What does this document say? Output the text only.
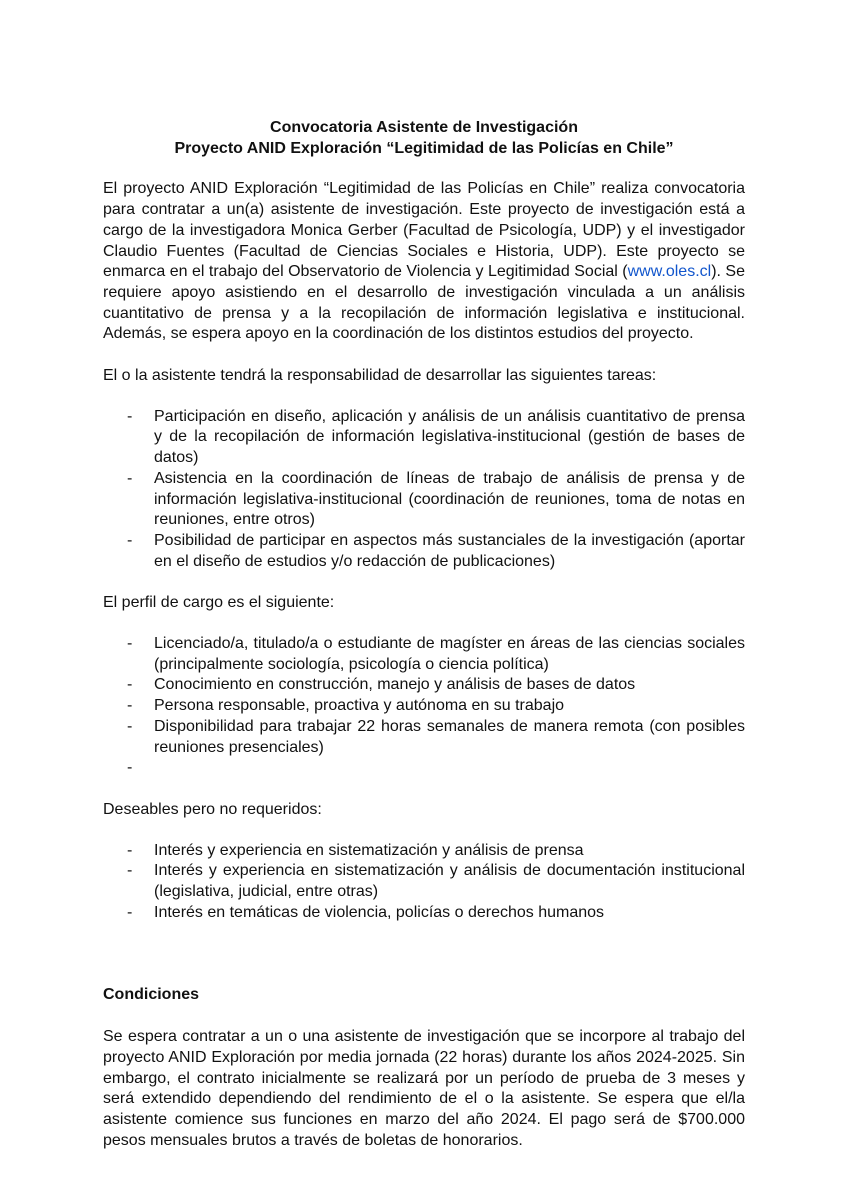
Convocatoria Asistente de Investigación

Proyecto ANID Exploración “Legitimidad de las Policías en Chile”

El proyecto ANID Exploración “Legitimidad de las Policías en Chile” realiza convocatoria para contratar a un(a) asistente de investigación. Este proyecto de investigación está a cargo de la investigadora Monica Gerber (Facultad de Psicología, UDP) y el investigador Claudio Fuentes (Facultad de Ciencias Sociales e Historia, UDP). Este proyecto se enmarca en el trabajo del Observatorio de Violencia y Legitimidad Social (www.oles.cl). Se requiere apoyo asistiendo en el desarrollo de investigación vinculada a un análisis cuantitativo de prensa y a la recopilación de información legislativa e institucional. Además, se espera apoyo en la coordinación de los distintos estudios del proyecto.

El o la asistente tendrá la responsabilidad de desarrollar las siguientes tareas:

- Participación en diseño, aplicación y análisis de un análisis cuantitativo de prensa y de la recopilación de información legislativa-institucional (gestión de bases de datos)
- Asistencia en la coordinación de líneas de trabajo de análisis de prensa y de información legislativa-institucional (coordinación de reuniones, toma de notas en reuniones, entre otros)
- Posibilidad de participar en aspectos más sustanciales de la investigación (aportar en el diseño de estudios y/o redacción de publicaciones)

El perfil de cargo es el siguiente:

- Licenciado/a, titulado/a o estudiante de magíster en áreas de las ciencias sociales (principalmente sociología, psicología o ciencia política)
- Conocimiento en construcción, manejo y análisis de bases de datos
- Persona responsable, proactiva y autónoma en su trabajo
- Disponibilidad para trabajar 22 horas semanales de manera remota (con posibles reuniones presenciales)
-

Deseables pero no requeridos:

- Interés y experiencia en sistematización y análisis de prensa
- Interés y experiencia en sistematización y análisis de documentación institucional (legislativa, judicial, entre otras)
- Interés en temáticas de violencia, policías o derechos humanos

Condiciones

Se espera contratar a un o una asistente de investigación que se incorpore al trabajo del proyecto ANID Exploración por media jornada (22 horas) durante los años 2024-2025. Sin embargo, el contrato inicialmente se realizará por un período de prueba de 3 meses y será extendido dependiendo del rendimiento de el o la asistente. Se espera que el/la asistente comience sus funciones en marzo del año 2024. El pago será de $700.000 pesos mensuales brutos a través de boletas de honorarios.
